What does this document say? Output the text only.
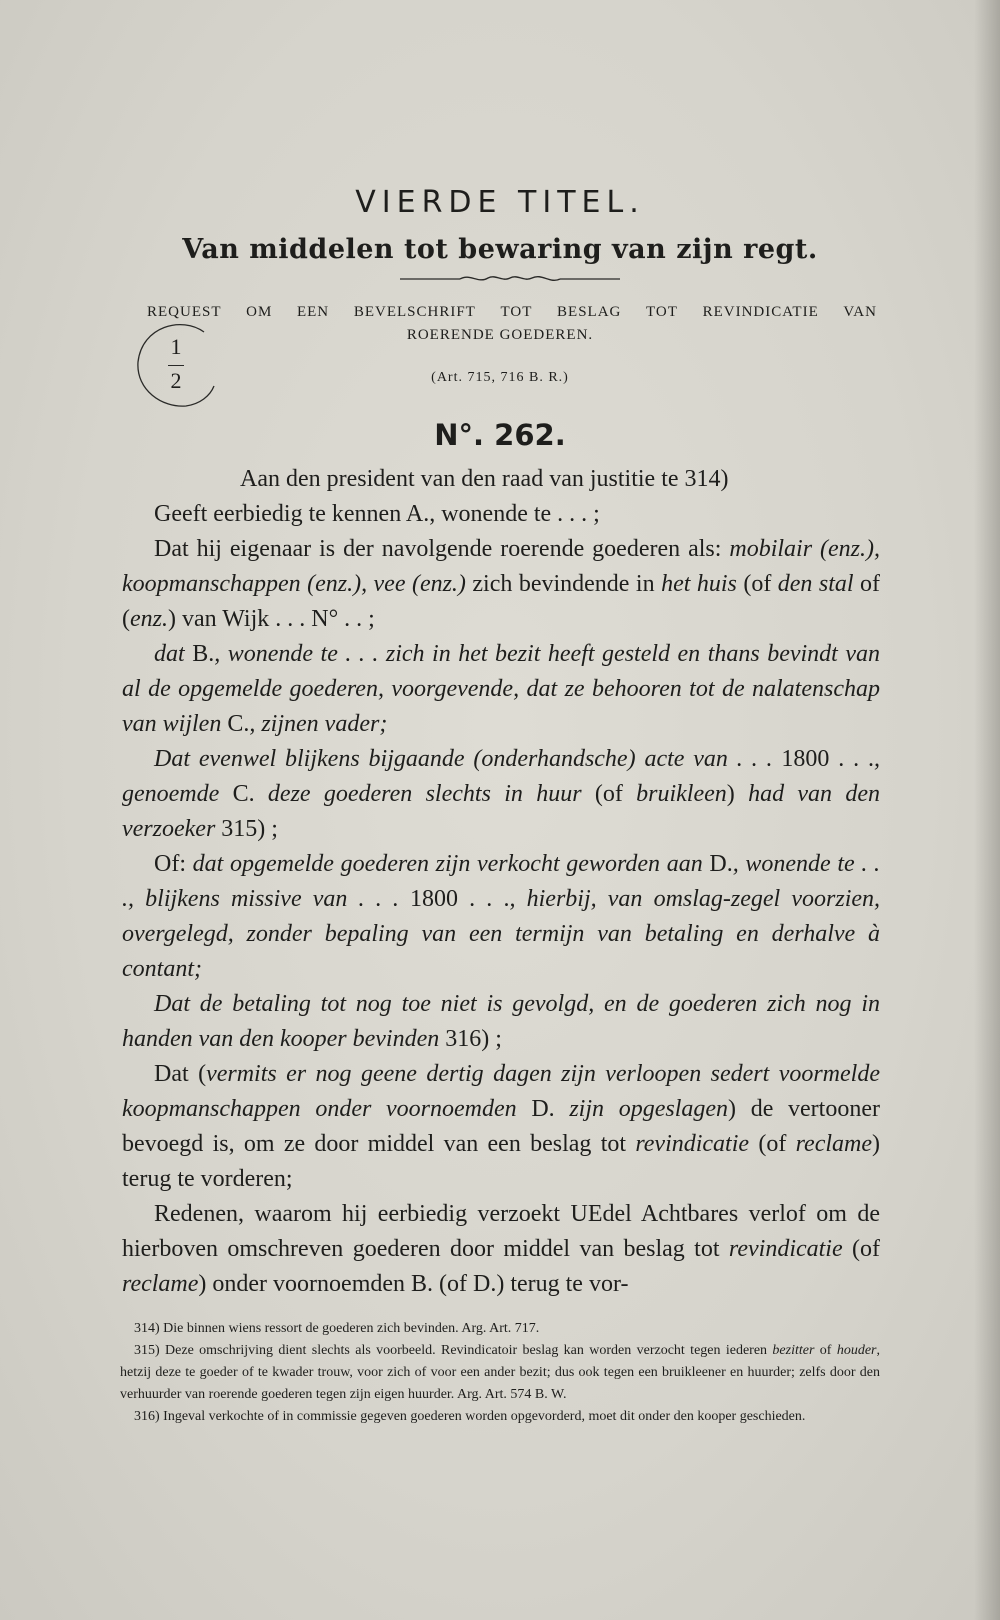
VIERDE TITEL.
Van middelen tot bewaring van zijn regt.
REQUEST OM EEN BEVELSCHRIFT TOT BESLAG TOT REVINDICATIE VAN
ROERENDE GOEDEREN.
(Art. 715, 716 B. R.)
1
2
N°. 262.

Aan den president van den raad van justitie te 314)

Geeft eerbiedig te kennen A., wonende te . . . ;

Dat hij eigenaar is der navolgende roerende goederen als: mobilair (enz.), koopmanschappen (enz.), vee (enz.) zich bevindende in het huis (of den stal of (enz.) van Wijk . . . N° . . ;

dat B., wonende te . . . zich in het bezit heeft gesteld en thans bevindt van al de opgemelde goederen, voorgevende, dat ze behooren tot de nalatenschap van wijlen C., zijnen vader;

Dat evenwel blijkens bijgaande (onderhandsche) acte van . . . 1800 . . ., genoemde C. deze goederen slechts in huur (of bruikleen) had van den verzoeker 315) ;

Of: dat opgemelde goederen zijn verkocht geworden aan D., wonende te . . ., blijkens missive van . . . 1800 . . ., hierbij, van omslag-zegel voorzien, overgelegd, zonder bepaling van een termijn van betaling en derhalve à contant;

Dat de betaling tot nog toe niet is gevolgd, en de goederen zich nog in handen van den kooper bevinden 316) ;

Dat (vermits er nog geene dertig dagen zijn verloopen sedert voormelde koopmanschappen onder voornoemden D. zijn opgeslagen) de vertooner bevoegd is, om ze door middel van een beslag tot revindicatie (of reclame) terug te vorderen;

Redenen, waarom hij eerbiedig verzoekt UEdel Achtbares verlof om de hierboven omschreven goederen door middel van beslag tot revindicatie (of reclame) onder voornoemden B. (of D.) terug te vor-

314) Die binnen wiens ressort de goederen zich bevinden. Arg. Art. 717.

315) Deze omschrijving dient slechts als voorbeeld. Revindicatoir beslag kan worden verzocht tegen iederen bezitter of houder, hetzij deze te goeder of te kwader trouw, voor zich of voor een ander bezit; dus ook tegen een bruikleener en huurder; zelfs door den verhuurder van roerende goederen tegen zijn eigen huurder. Arg. Art. 574 B. W.

316) Ingeval verkochte of in commissie gegeven goederen worden opgevorderd, moet dit onder den kooper geschieden.
